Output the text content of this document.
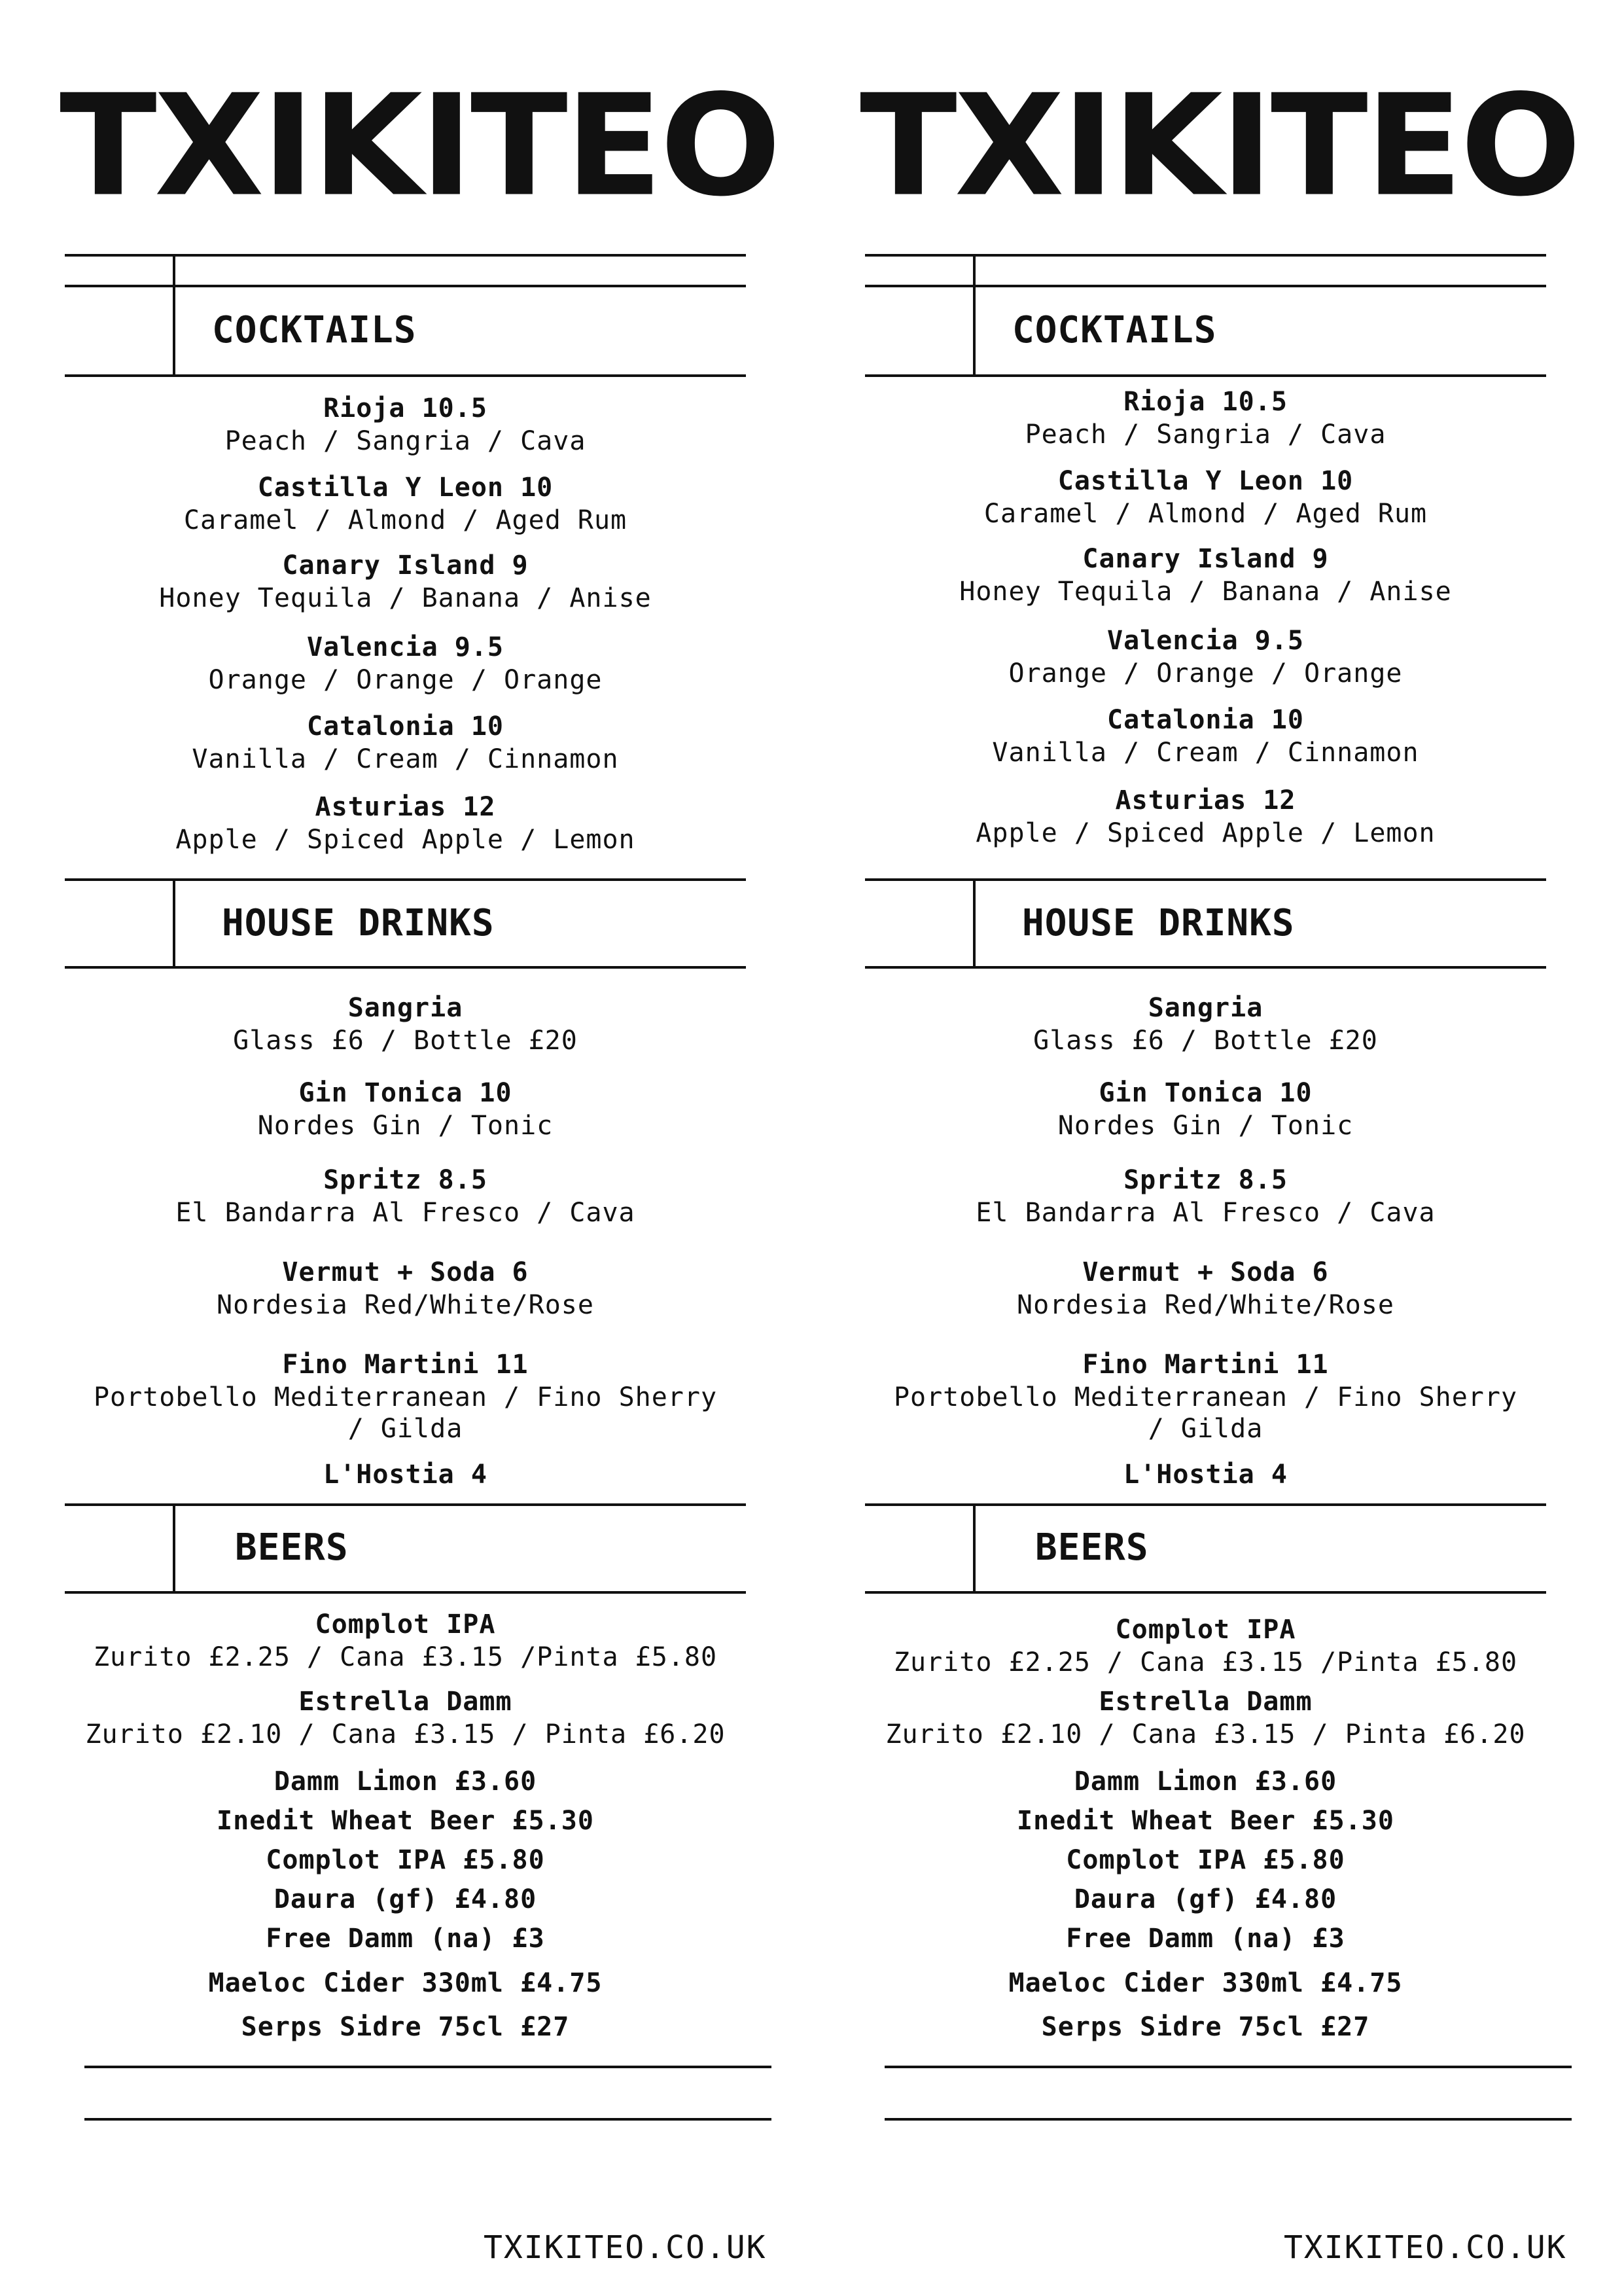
T X I K I T E O
COCKTAILS
Rioja 10.5
Peach / Sangria / Cava
Castilla Y Leon 10
Caramel / Almond / Aged Rum
Canary Island 9
Honey Tequila / Banana / Anise
Valencia 9.5
Orange / Orange / Orange
Catalonia 10
Vanilla / Cream / Cinnamon
Asturias 12
Apple / Spiced Apple / Lemon
HOUSE DRINKS
Sangria
Glass £6 / Bottle £20
Gin Tonica 10
Nordes Gin / Tonic
Spritz 8.5
El Bandarra Al Fresco / Cava
Vermut + Soda 6
Nordesia Red/White/Rose
Fino Martini 11
Portobello Mediterranean / Fino Sherry
/ Gilda
L'Hostia 4
BEERS
Complot IPA
Zurito £2.25 / Cana £3.15 /Pinta £5.80
Estrella Damm
Zurito £2.10 / Cana £3.15 / Pinta £6.20
Damm Limon £3.60
Inedit Wheat Beer £5.30
Complot IPA £5.80
Daura (gf) £4.80
Free Damm (na) £3
Maeloc Cider 330ml £4.75
Serps Sidre 75cl £27
TXIKITEO.CO.UK
T X I K I T E O
COCKTAILS
Rioja 10.5
Peach / Sangria / Cava
Castilla Y Leon 10
Caramel / Almond / Aged Rum
Canary Island 9
Honey Tequila / Banana / Anise
Valencia 9.5
Orange / Orange / Orange
Catalonia 10
Vanilla / Cream / Cinnamon
Asturias 12
Apple / Spiced Apple / Lemon
HOUSE DRINKS
Sangria
Glass £6 / Bottle £20
Gin Tonica 10
Nordes Gin / Tonic
Spritz 8.5
El Bandarra Al Fresco / Cava
Vermut + Soda 6
Nordesia Red/White/Rose
Fino Martini 11
Portobello Mediterranean / Fino Sherry
/ Gilda
L'Hostia 4
BEERS
Complot IPA
Zurito £2.25 / Cana £3.15 /Pinta £5.80
Estrella Damm
Zurito £2.10 / Cana £3.15 / Pinta £6.20
Damm Limon £3.60
Inedit Wheat Beer £5.30
Complot IPA £5.80
Daura (gf) £4.80
Free Damm (na) £3
Maeloc Cider 330ml £4.75
Serps Sidre 75cl £27
TXIKITEO.CO.UK
